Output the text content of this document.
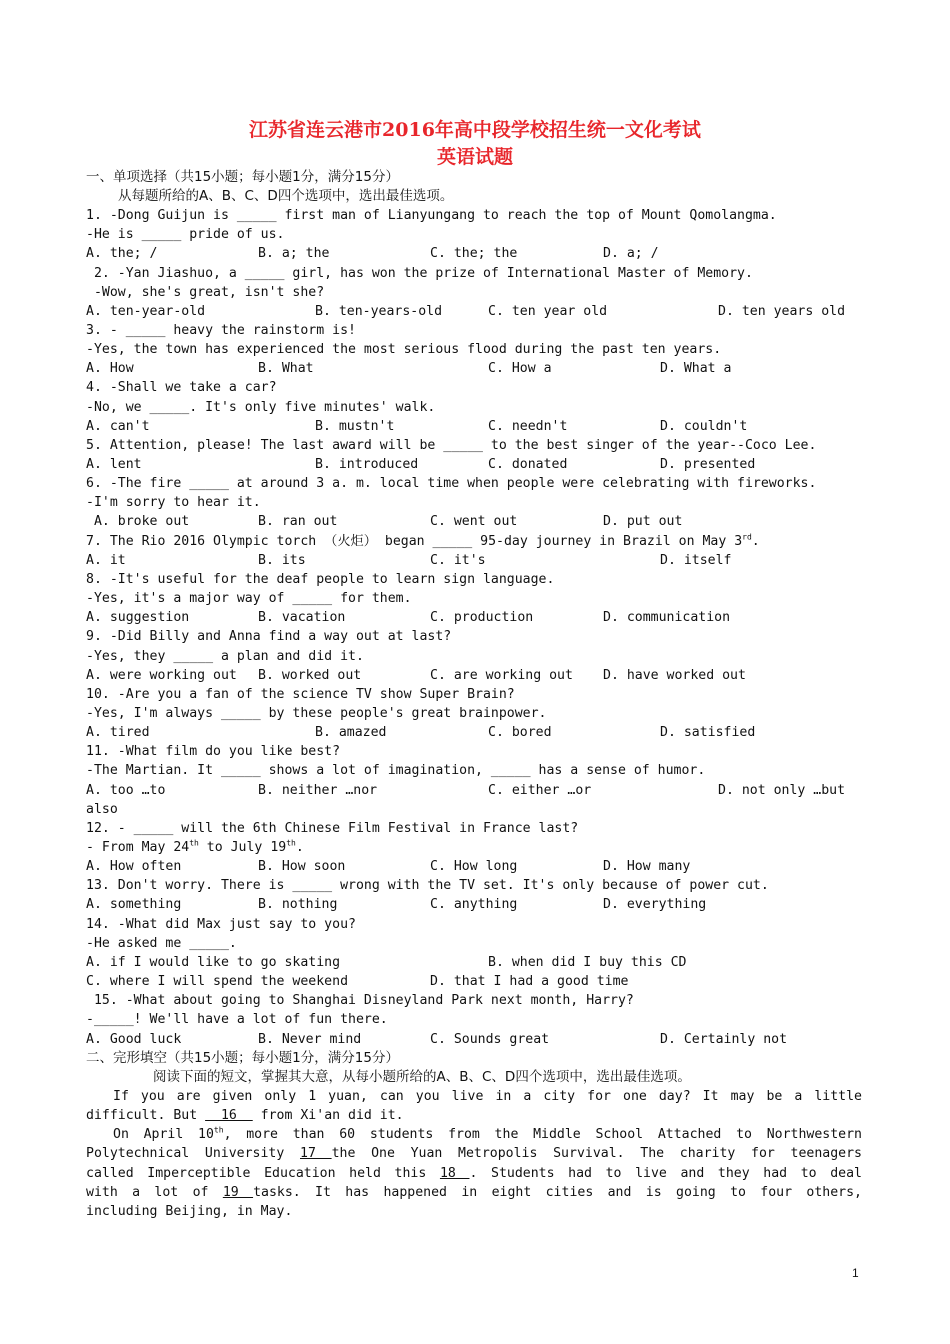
江苏省连云港市2016年高中段学校招生统一文化考试
英语试题
一、单项选择（共15小题；每小题1分，满分15分）
从每题所给的A、B、C、D四个选项中，选出最佳选项。
1. -Dong Guijun is _____ first man of Lianyungang to reach the top of Mount Qomolangma.
-He is _____ pride of us.

A. the; /

	B. a; the

	C. the; the

	D. a; /

2. -Yan Jiashuo, a _____ girl, has won the prize of International Master of Memory.
-Wow, she's great, isn't she?

A. ten-year-old

	B. ten-years-old

	C. ten year old

	D. ten years old

3. - _____ heavy the rainstorm is!
-Yes, the town has experienced the most serious flood during the past ten years.

A. How

	B. What

	C. How a

	D. What a

4. -Shall we take a car?
-No, we _____. It's only five minutes' walk.

A. can't

	B. mustn't

	C. needn't

	D. couldn't

5. Attention, please! The last award will be _____ to the best singer of the year--Coco Lee.

A. lent

	B. introduced

	C. donated

	D. presented

6. -The fire _____ at around 3 a. m. local time when people were celebrating with fireworks.
-I'm sorry to hear it.

A. broke out

	B. ran out

	C. went out

	D. put out

7. The Rio 2016 Olympic torch （火炬） began _____ 95-day journey in Brazil on May 3rd.

A. it

	B. its

	C. it's

	D. itself

8. -It's useful for the deaf people to learn sign language.
-Yes, it's a major way of _____ for them.

A. suggestion

	B. vacation

	C. production

	D. communication

9. -Did Billy and Anna find a way out at last?
-Yes, they _____ a plan and did it.

A. were working out

B. worked out

	C. are working out

D. have worked out

10. -Are you a fan of the science TV show Super Brain?
-Yes, I'm always _____ by these people's great brainpower.

A. tired

	B. amazed

	C. bored

	D. satisfied

11. -What film do you like best?
-The Martian. It _____ shows a lot of imagination, _____ has a sense of humor.

A. too …to

	B. neither …nor

	C. either …or

	D. not only …but

also
12. - _____ will the 6th Chinese Film Festival in France last?
- From May 24th to July 19th.

A. How often

	B. How soon

	C. How long

	D. How many

13. Don't worry. There is _____ wrong with the TV set. It's only because of power cut.

A. something

	B. nothing

	C. anything

	D. everything

14. -What did Max just say to you?
-He asked me _____.

A. if I would like to go skating

	B. when did I buy this CD

C. where I will spend the weekend

	D. that I had a good time

15. -What about going to Shanghai Disneyland Park next month, Harry?
-_____! We'll have a lot of fun there.

A. Good luck

	B. Never mind

	C. Sounds great

	D. Certainly not

二、完形填空（共15小题；每小题1分，满分15分）
阅读下面的短文，掌握其大意，从每小题所给的A、B、C、D四个选项中，选出最佳选项。
If you are given only 1 yuan, can you live in a city for one day? It may be a little
difficult. But   16   from Xi'an did it.
On April 10th, more than 60 students from the Middle School Attached to Northwestern
Polytechnical University 17 the One Yuan Metropolis Survival. The charity for teenagers
called Imperceptible Education held this 18 . Students had to live and they had to deal
with a lot of 19 tasks. It has happened in eight cities and is going to four others,
including Beijing, in May.
1
